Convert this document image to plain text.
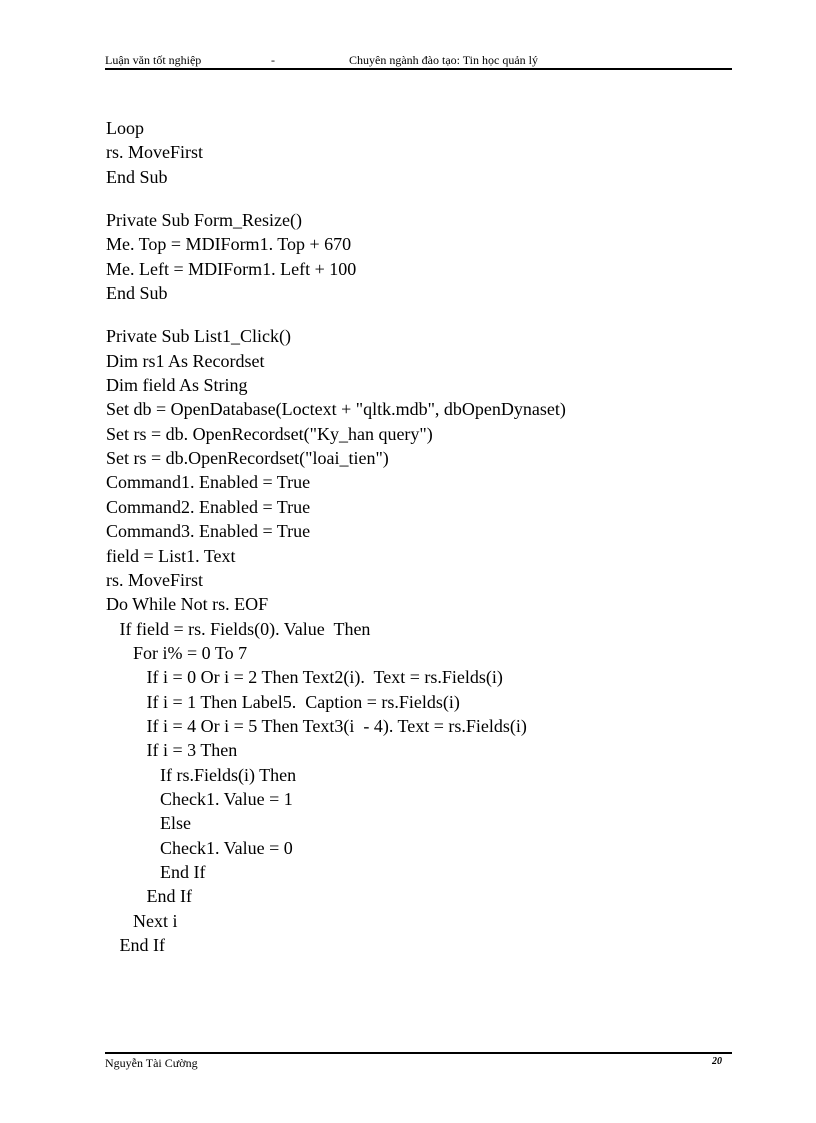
Luận văn tốt nghiệp	-	Chuyên ngành đào tạo: Tin học quản lý
Loop
rs. MoveFirst
End Sub
Private Sub Form_Resize()
Me. Top = MDIForm1. Top + 670
Me. Left = MDIForm1. Left + 100
End Sub
Private Sub List1_Click()
Dim rs1 As Recordset
Dim field As String
Set db = OpenDatabase(Loctext + "qltk.mdb", dbOpenDynaset)
Set rs = db. OpenRecordset("Ky_han query")
Set rs = db.OpenRecordset("loai_tien")
Command1. Enabled = True
Command2. Enabled = True
Command3. Enabled = True
field = List1. Text
rs. MoveFirst
Do While Not rs. EOF
If field = rs. Fields(0). Value  Then
For i% = 0 To 7
If i = 0 Or i = 2 Then Text2(i).  Text = rs.Fields(i)
If i = 1 Then Label5.  Caption = rs.Fields(i)
If i = 4 Or i = 5 Then Text3(i  - 4). Text = rs.Fields(i)
If i = 3 Then
If rs.Fields(i) Then
Check1. Value = 1
Else
Check1. Value = 0
End If
End If
Next i
End If
Nguyễn Tài Cường	20
